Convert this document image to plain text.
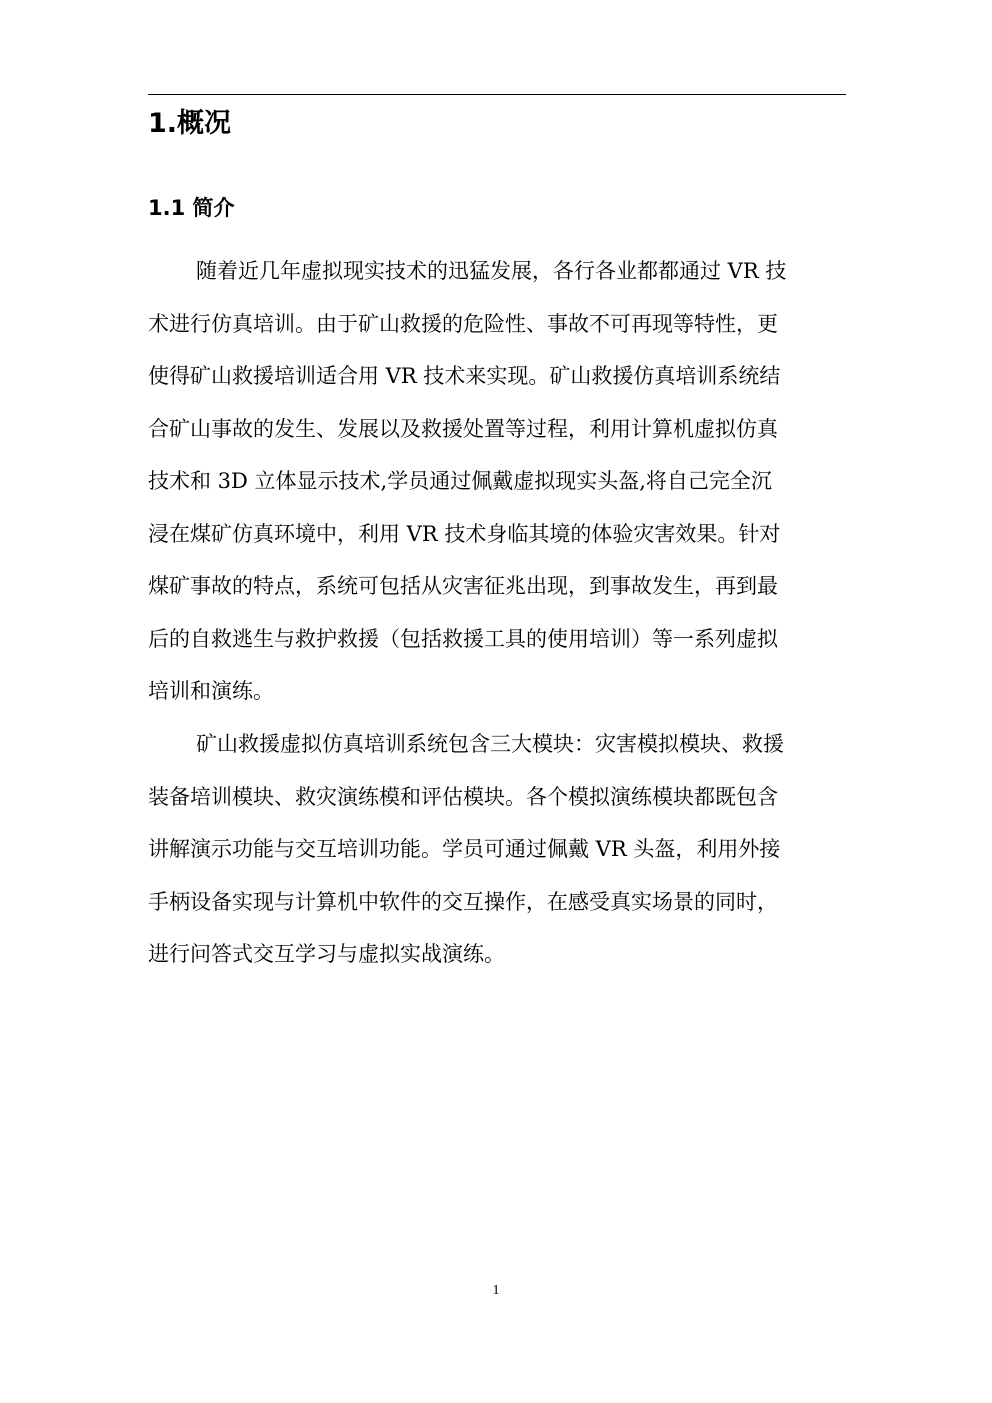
1.概况
1.1 简介
随着近几年虚拟现实技术的迅猛发展，各行各业都都通过 VR 技
术进行仿真培训。由于矿山救援的危险性、事故不可再现等特性，更
使得矿山救援培训适合用 VR 技术来实现。矿山救援仿真培训系统结
合矿山事故的发生、发展以及救援处置等过程，利用计算机虚拟仿真
技术和 3D 立体显示技术,学员通过佩戴虚拟现实头盔,将自己完全沉
浸在煤矿仿真环境中，利用 VR 技术身临其境的体验灾害效果。针对
煤矿事故的特点，系统可包括从灾害征兆出现，到事故发生，再到最
后的自救逃生与救护救援（包括救援工具的使用培训）等一系列虚拟
培训和演练。
矿山救援虚拟仿真培训系统包含三大模块：灾害模拟模块、救援
装备培训模块、救灾演练模和评估模块。各个模拟演练模块都既包含
讲解演示功能与交互培训功能。学员可通过佩戴 VR 头盔，利用外接
手柄设备实现与计算机中软件的交互操作，在感受真实场景的同时，
进行问答式交互学习与虚拟实战演练。
1
